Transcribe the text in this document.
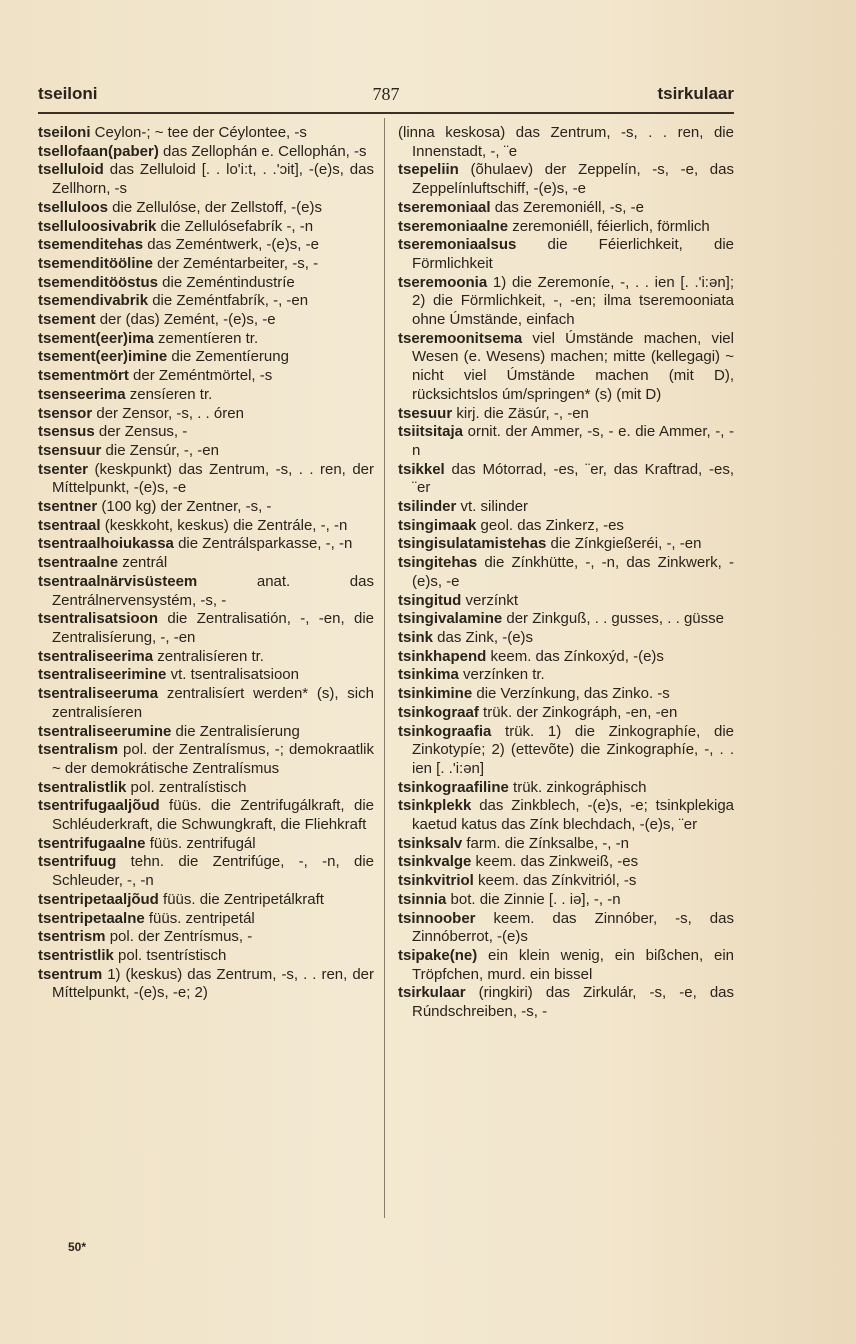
tseiloni	787	tsirkulaar

tseiloni Ceylon-; ~ tee der Céylontee, -s

tsellofaan(paber) das Zellophán e. Cellophán, -s

tselluloid das Zelluloid [. . lo'i:t, . .'ɔit], -(e)s, das Zellhorn, -s

tselluloos die Zellulóse, der Zellstoff, -(e)s

tselluloosivabrik die Zellulósefabrík -, -n

tsemenditehas das Zeméntwerk, -(e)s, -e

tsemenditööline der Zeméntarbeiter, -s, -

tsemenditööstus die Zeméntindustríe

tsemendivabrik die Zeméntfabrík, -, -en

tsement der (das) Zemént, -(e)s, -e

tsement(eer)ima zementíeren tr.

tsement(eer)imine die Zementíerung

tsementmört der Zeméntmörtel, -s

tsenseerima zensíeren tr.

tsensor der Zensor, -s, . . óren

tsensus der Zensus, -

tsensuur die Zensúr, -, -en

tsenter (keskpunkt) das Zentrum, -s, . . ren, der Míttelpunkt, -(e)s, -e

tsentner (100 kg) der Zentner, -s, -

tsentraal (keskkoht, keskus) die Zentrále, -, -n

tsentraalhoiukassa die Zentrálsparkasse, -, -n

tsentraalne zentrál

tsentraalnärvisüsteem anat. das Zentrálnervensystém, -s, -

tsentralisatsioon die Zentralisatión, -, -en, die Zentralisíerung, -, -en

tsentraliseerima zentralisíeren tr.

tsentraliseerimine vt. tsentralisatsioon

tsentraliseeruma zentralisíert werden* (s), sich zentralisíeren

tsentraliseerumine die Zentralisíerung

tsentralism pol. der Zentralísmus, -; demokraatlik ~ der demokrátische Zentralísmus

tsentralistlik pol. zentralístisch

tsentrifugaaljõud füüs. die Zentrifugálkraft, die Schléuderkraft, die Schwungkraft, die Fliehkraft

tsentrifugaalne füüs. zentrifugál

tsentrifuug tehn. die Zentrifúge, -, -n, die Schleuder, -, -n

tsentripetaaljõud füüs. die Zentripetálkraft

tsentripetaalne füüs. zentripetál

tsentrism pol. der Zentrísmus, -

tsentristlik pol. tsentrístisch

tsentrum 1) (keskus) das Zentrum, -s, . . ren, der Míttelpunkt, -(e)s, -e; 2)

(linna keskosa) das Zentrum, -s, . . ren, die Innenstadt, -, ¨e

tsepeliin (õhulaev) der Zeppelín, -s, -e, das Zeppelínluftschiff, -(e)s, -e

tseremoniaal das Zeremoniéll, -s, -e

tseremoniaalne zeremoniéll, féierlich, förmlich

tseremoniaalsus die Féierlichkeit, die Förmlichkeit

tseremoonia 1) die Zeremoníe, -, . . ien [. .'i:ən]; 2) die Förmlichkeit, -, -en; ilma tseremooniata ohne Úmstände, einfach

tseremoonitsema viel Úmstände machen, viel Wesen (e. Wesens) machen; mitte (kellegagi) ~ nicht viel Úmstände machen (mit D), rücksichtslos úm/springen* (s) (mit D)

tsesuur kirj. die Zäsúr, -, -en

tsiitsitaja ornit. der Ammer, -s, - e. die Ammer, -, -n

tsikkel das Mótorrad, -es, ¨er, das Kraftrad, -es, ¨er

tsilinder vt. silinder

tsingimaak geol. das Zinkerz, -es

tsingisulatamistehas die Zínkgießeréi, -, -en

tsingitehas die Zínkhütte, -, -n, das Zinkwerk, -(e)s, -e

tsingitud verzínkt

tsingivalamine der Zinkguß, . . gusses, . . güsse

tsink das Zink, -(e)s

tsinkhapend keem. das Zínkoxýd, -(e)s

tsinkima verzínken tr.

tsinkimine die Verzínkung, das Zinko. -s

tsinkograaf trük. der Zinkográph, -en, -en

tsinkograafia trük. 1) die Zinkographíe, die Zinkotypíe; 2) (ettevõte) die Zinkographíe, -, . . ien [. .'i:ən]

tsinkograafiline trük. zinkográphisch

tsinkplekk das Zinkblech, -(e)s, -e; tsinkplekiga kaetud katus das Zínk blechdach, -(e)s, ¨er

tsinksalv farm. die Zínksalbe, -, -n

tsinkvalge keem. das Zinkweiß, -es

tsinkvitriol keem. das Zínkvitriól, -s

tsinnia bot. die Zinnie [. . iə], -, -n

tsinnoober keem. das Zinnóber, -s, das Zinnóberrot, -(e)s

tsipake(ne) ein klein wenig, ein bißchen, ein Tröpfchen, murd. ein bissel

tsirkulaar (ringkiri) das Zirkulár, -s, -e, das Rúndschreiben, -s, -

50*
